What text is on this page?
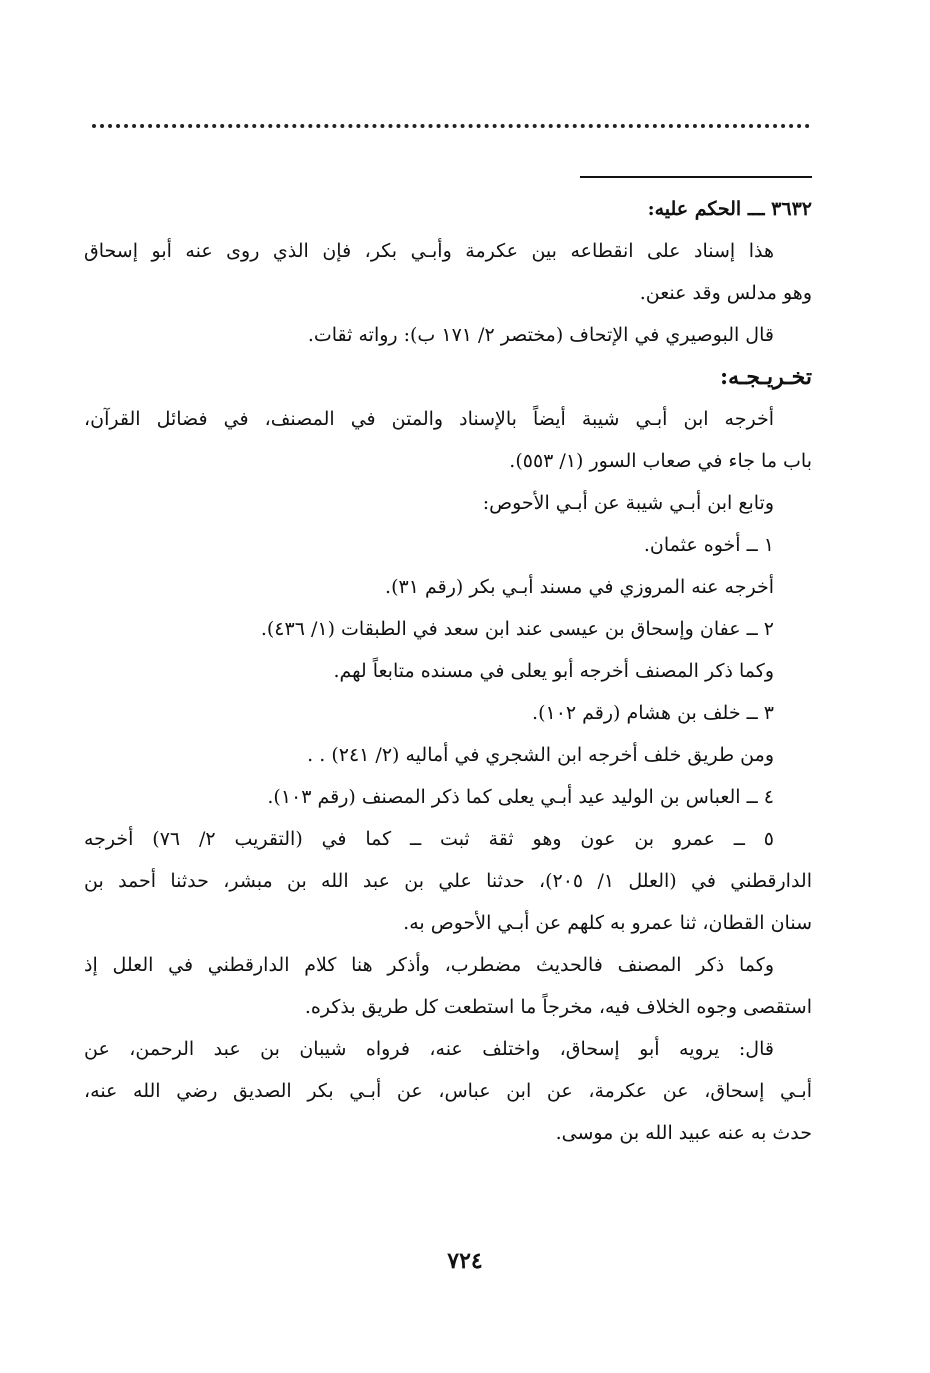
٣٦٣٢ ـــ الحكم عليه:
هذا إسناد على انقطاعه بين عكرمة وأبـي بكر، فإن الذي روى عنه أبو إسحاق
وهو مدلس وقد عنعن.
قال البوصيري في الإتحاف (مختصر ٢/ ١٧١ ب): رواته ثقات.
تخـريـجـه:
أخرجه ابن أبـي شيبة أيضاً بالإسناد والمتن في المصنف، في فضائل القرآن،
باب ما جاء في صعاب السور (١/ ٥٥٣).
وتابع ابن أبـي شيبة عن أبـي الأحوص:
١ ــ أخوه عثمان.
أخرجه عنه المروزي في مسند أبـي بكر (رقم ٣١).
٢ ــ عفان وإسحاق بن عيسى عند ابن سعد في الطبقات (١/ ٤٣٦).
وكما ذكر المصنف أخرجه أبو يعلى في مسنده متابعاً لهم.
٣ ــ خلف بن هشام (رقم ١٠٢).
ومن طريق خلف أخرجه ابن الشجري في أماليه (٢/ ٢٤١) . .
٤ ــ العباس بن الوليد عيد أبـي يعلى كما ذكر المصنف (رقم ١٠٣).
٥ ــ عمرو بن عون وهو ثقة ثبت ــ كما في (التقريب ٢/ ٧٦) أخرجه
الدارقطني في (العلل ١/ ٢٠٥)، حدثنا علي بن عبد الله بن مبشر، حدثنا أحمد بن
سنان القطان، ثنا عمرو به كلهم عن أبـي الأحوص به.
وكما ذكر المصنف فالحديث مضطرب، وأذكر هنا كلام الدارقطني في العلل إذ
استقصى وجوه الخلاف فيه، مخرجاً ما استطعت كل طريق بذكره.
قال: يرويه أبو إسحاق، واختلف عنه، فرواه شيبان بن عبد الرحمن، عن
أبـي إسحاق، عن عكرمة، عن ابن عباس، عن أبـي بكر الصديق رضي الله عنه،
حدث به عنه عبيد الله بن موسى.
٧٢٤
